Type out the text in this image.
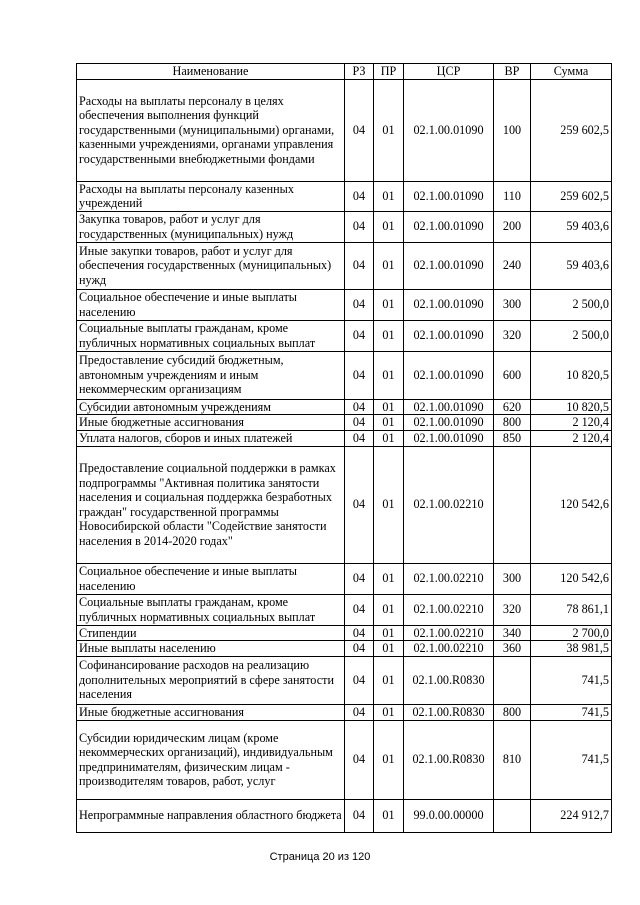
Наименование	РЗ	ПР	ЦСР	ВР	Сумма
Расходы на выплаты персоналу в целях обеспечения выполнения функций государственными (муниципальными) органами, казенными учреждениями, органами управления государственными внебюджетными фондами	04	01	02.1.00.01090	100	259 602,5
Расходы на выплаты персоналу казенных учреждений	04	01	02.1.00.01090	110	259 602,5
Закупка товаров, работ и услуг для государственных (муниципальных) нужд	04	01	02.1.00.01090	200	59 403,6
Иные закупки товаров, работ и услуг для обеспечения государственных (муниципальных) нужд	04	01	02.1.00.01090	240	59 403,6
Социальное обеспечение и иные выплаты населению	04	01	02.1.00.01090	300	2 500,0
Социальные выплаты гражданам, кроме публичных нормативных социальных выплат	04	01	02.1.00.01090	320	2 500,0
Предоставление субсидий бюджетным, автономным учреждениям и иным некоммерческим организациям	04	01	02.1.00.01090	600	10 820,5
Субсидии автономным учреждениям	04	01	02.1.00.01090	620	10 820,5
Иные бюджетные ассигнования	04	01	02.1.00.01090	800	2 120,4
Уплата налогов, сборов и иных платежей	04	01	02.1.00.01090	850	2 120,4
Предоставление социальной поддержки в рамках подпрограммы "Активная политика занятости населения и социальная поддержка безработных граждан" государственной программы Новосибирской области "Содействие занятости населения в 2014-2020 годах"	04	01	02.1.00.02210		120 542,6
Социальное обеспечение и иные выплаты населению	04	01	02.1.00.02210	300	120 542,6
Социальные выплаты гражданам, кроме публичных нормативных социальных выплат	04	01	02.1.00.02210	320	78 861,1
Стипендии	04	01	02.1.00.02210	340	2 700,0
Иные выплаты населению	04	01	02.1.00.02210	360	38 981,5
Софинансирование расходов на реализацию дополнительных мероприятий в сфере занятости населения	04	01	02.1.00.R0830		741,5
Иные бюджетные ассигнования	04	01	02.1.00.R0830	800	741,5
Субсидии юридическим лицам (кроме некоммерческих организаций), индивидуальным предпринимателям, физическим лицам - производителям товаров, работ, услуг	04	01	02.1.00.R0830	810	741,5
Непрограммные направления областного бюджета	04	01	99.0.00.00000		224 912,7
Страница 20 из 120
